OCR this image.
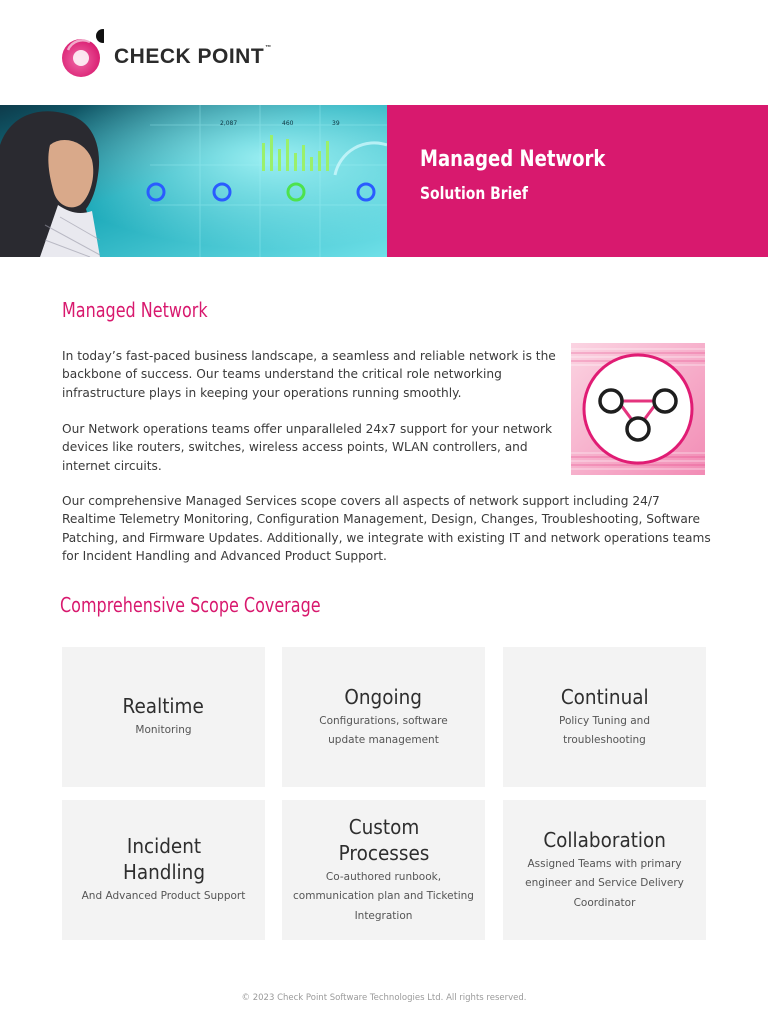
CHECK POINT™
2,087	460	39
Managed Network
Solution Brief
Managed Network
In today’s fast-paced business landscape, a seamless and reliable network is the backbone of success. Our teams understand the critical role networking infrastructure plays in keeping your operations running smoothly.
Our Network operations teams offer unparalleled 24x7 support for your network devices like routers, switches, wireless access points, WLAN controllers, and internet circuits.
Our comprehensive Managed Services scope covers all aspects of network support including 24/7 Realtime Telemetry Monitoring, Configuration Management, Design, Changes, Troubleshooting, Software Patching, and Firmware Updates. Additionally, we integrate with existing IT and network operations teams for Incident Handling and Advanced Product Support.
Comprehensive Scope Coverage
Realtime
Monitoring
Ongoing
Configurations, software update management
Continual
Policy Tuning and troubleshooting
Incident Handling
And Advanced Product Support
Custom Processes
Co-authored runbook, communication plan and Ticketing Integration
Collaboration
Assigned Teams with primary engineer and Service Delivery Coordinator
© 2023 Check Point Software Technologies Ltd. All rights reserved.
